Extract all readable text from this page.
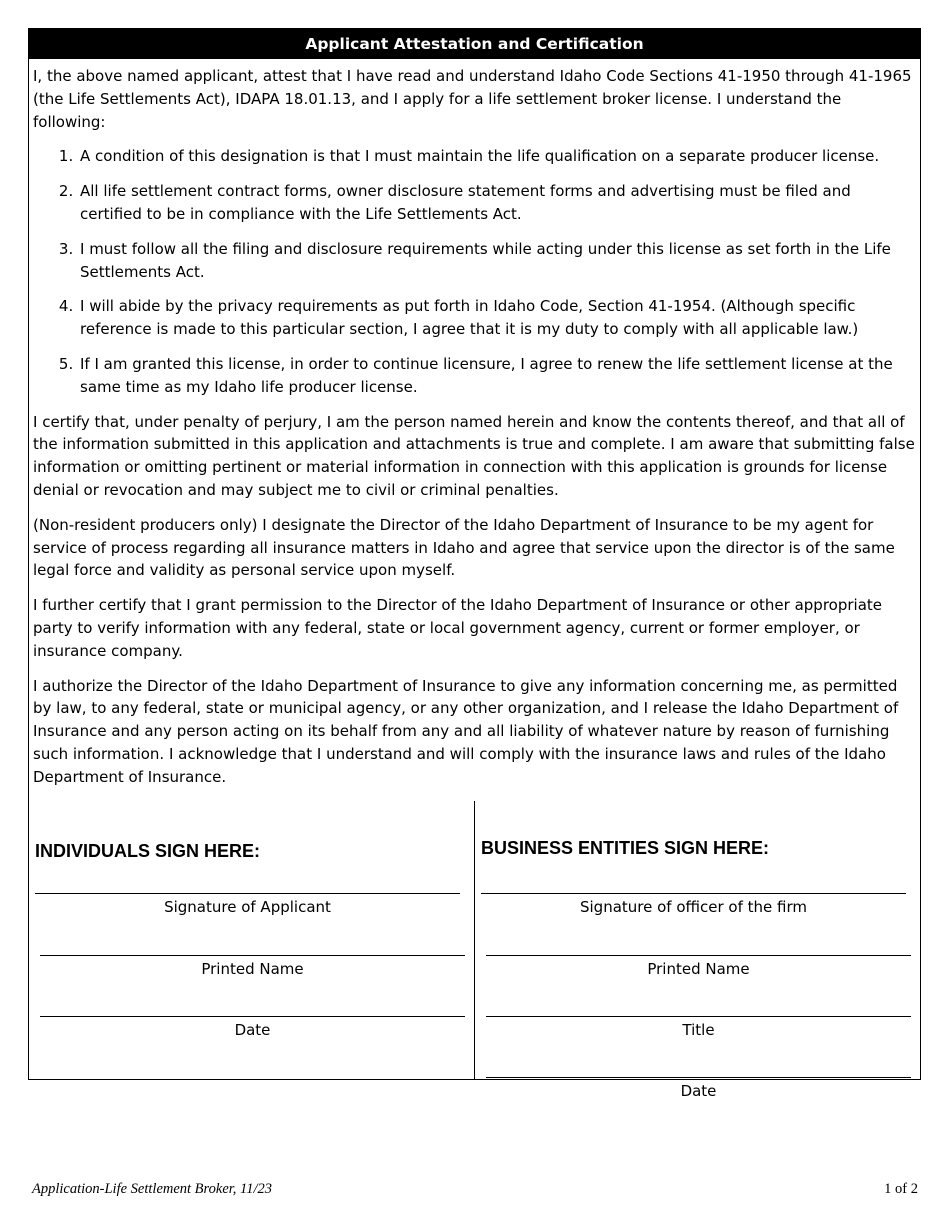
Applicant Attestation and Certification

I, the above named applicant, attest that I have read and understand Idaho Code Sections 41-1950 through 41-1965 (the Life Settlements Act), IDAPA 18.01.13, and I apply for a life settlement broker license. I understand the following:

1. A condition of this designation is that I must maintain the life qualification on a separate producer license.
2. All life settlement contract forms, owner disclosure statement forms and advertising must be filed and certified to be in compliance with the Life Settlements Act.
3. I must follow all the filing and disclosure requirements while acting under this license as set forth in the Life Settlements Act.
4. I will abide by the privacy requirements as put forth in Idaho Code, Section 41-1954. (Although specific reference is made to this particular section, I agree that it is my duty to comply with all applicable law.)
5. If I am granted this license, in order to continue licensure, I agree to renew the life settlement license at the same time as my Idaho life producer license.

I certify that, under penalty of perjury, I am the person named herein and know the contents thereof, and that all of the information submitted in this application and attachments is true and complete. I am aware that submitting false information or omitting pertinent or material information in connection with this application is grounds for license denial or revocation and may subject me to civil or criminal penalties.

(Non-resident producers only) I designate the Director of the Idaho Department of Insurance to be my agent for service of process regarding all insurance matters in Idaho and agree that service upon the director is of the same legal force and validity as personal service upon myself.

I further certify that I grant permission to the Director of the Idaho Department of Insurance or other appropriate party to verify information with any federal, state or local government agency, current or former employer, or insurance company.

I authorize the Director of the Idaho Department of Insurance to give any information concerning me, as permitted by law, to any federal, state or municipal agency, or any other organization, and I release the Idaho Department of Insurance and any person acting on its behalf from any and all liability of whatever nature by reason of furnishing such information. I acknowledge that I understand and will comply with the insurance laws and rules of the Idaho Department of Insurance.

INDIVIDUALS SIGN HERE:
Signature of Applicant
Printed Name
Date
BUSINESS ENTITIES SIGN HERE:
Signature of officer of the firm
Printed Name
Title
Date
Application-Life Settlement Broker, 11/23	1 of 2
